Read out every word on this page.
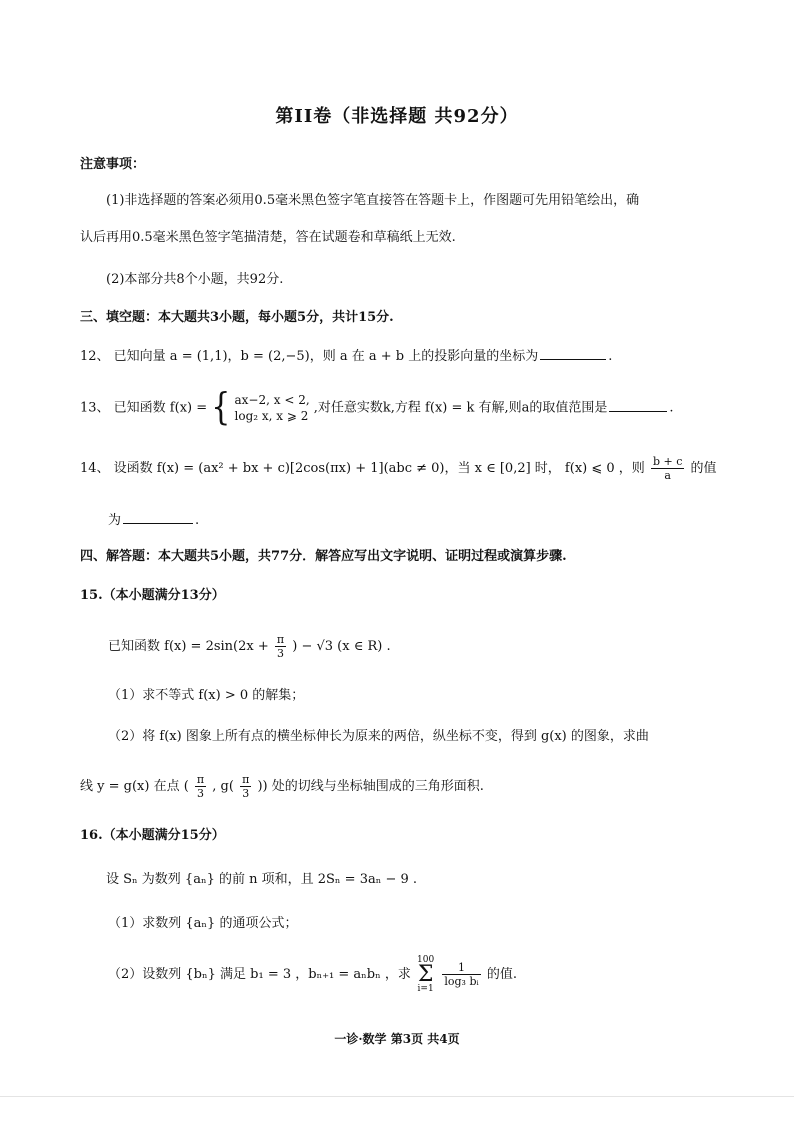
第II卷（非选择题 共92分）
注意事项：
(1)非选择题的答案必须用0.5毫米黑色签字笔直接答在答题卡上，作图题可先用铅笔绘出，确
认后再用0.5毫米黑色签字笔描清楚，答在试题卷和草稿纸上无效.
(2)本部分共8个小题，共92分.
三、填空题：本大题共3小题，每小题5分，共计15分.
12、 已知向量 a = (1,1)，b = (2,−5)，则 a 在 a + b 上的投影向量的坐标为	.
13、 已知函数 f(x) = { ax−2, x < 2,
log₂ x, x ⩾ 2 ,对任意实数k,方程 f(x) = k 有解,则a的取值范围是	.
14、 设函数 f(x) = (ax² + bx + c)[2cos(πx) + 1](abc ≠ 0)，当 x ∈ [0,2] 时， f(x) ⩽ 0 ，则 $\frac{b + c}{a}$ 的值
为	.
四、解答题：本大题共5小题，共77分．解答应写出文字说明、证明过程或演算步骤.
15.（本小题满分13分）
已知函数 $f(x) = 2\sin(2x + \frac{\pi}{3}$ ) − √3 (x ∈ R) .
（1）求不等式 f(x) > 0 的解集；
（2）将 f(x) 图象上所有点的横坐标伸长为原来的两倍，纵坐标不变，得到 g(x) 的图象，求曲
线 y = g(x) 在点 ( $\frac{\pi}{3}$ , $g( \frac{\pi}{3}$ )) 处的切线与坐标轴围成的三角形面积.
16.（本小题满分15分）
设 Sₙ 为数列 {aₙ} 的前 n 项和，且 2Sₙ = 3aₙ − 9 .
（1）求数列 {aₙ} 的通项公式；
（2）设数列 {bₙ} 满足 b₁ = 3 ，bₙ₊₁ = aₙbₙ ，求
100
Σ
i=1

$\frac{1}{\text{log₃ bᵢ}}$ 的值.
一诊·数学 第3页 共4页
